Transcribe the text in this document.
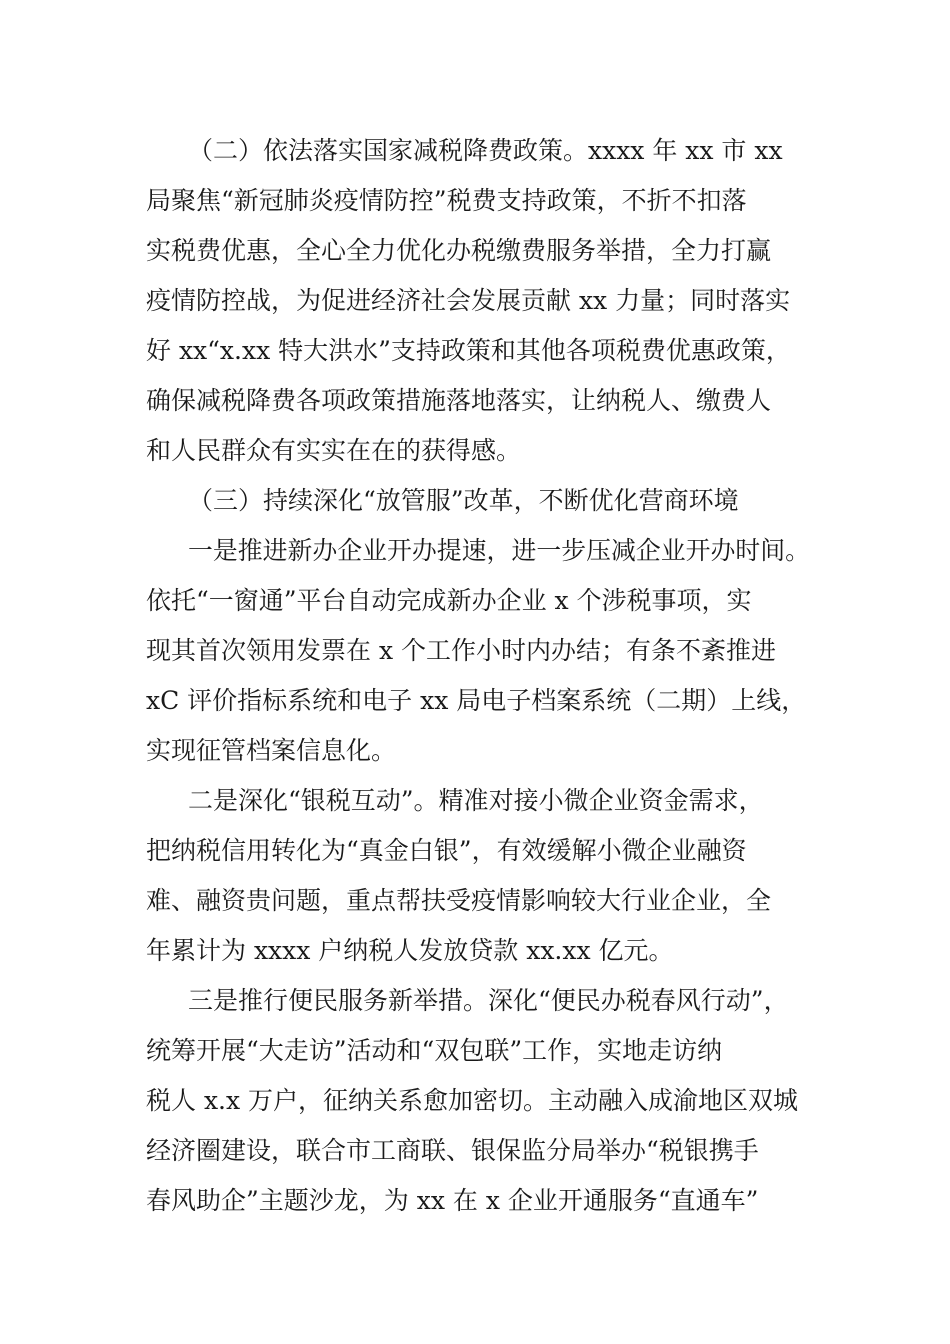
（二）依法落实国家减税降费政策。xxxx 年 xx 市 xx

局聚焦“新冠肺炎疫情防控”税费支持政策，不折不扣落

实税费优惠，全心全力优化办税缴费服务举措，全力打赢

疫情防控战，为促进经济社会发展贡献 xx 力量；同时落实

好 xx“x.xx 特大洪水”支持政策和其他各项税费优惠政策，

确保减税降费各项政策措施落地落实，让纳税人、缴费人

和人民群众有实实在在的获得感。

（三）持续深化“放管服”改革，不断优化营商环境

一是推进新办企业开办提速，进一步压减企业开办时间。

依托“一窗通”平台自动完成新办企业 x 个涉税事项，实

现其首次领用发票在 x 个工作小时内办结；有条不紊推进

xC 评价指标系统和电子 xx 局电子档案系统（二期）上线，

实现征管档案信息化。

二是深化“银税互动”。精准对接小微企业资金需求，

把纳税信用转化为“真金白银”，有效缓解小微企业融资

难、融资贵问题，重点帮扶受疫情影响较大行业企业，全

年累计为 xxxx 户纳税人发放贷款 xx.xx 亿元。

三是推行便民服务新举措。深化“便民办税春风行动”，

统筹开展“大走访”活动和“双包联”工作，实地走访纳

税人 x.x 万户，征纳关系愈加密切。主动融入成渝地区双城

经济圈建设，联合市工商联、银保监分局举办“税银携手

春风助企”主题沙龙，为 xx 在 x 企业开通服务“直通车”
